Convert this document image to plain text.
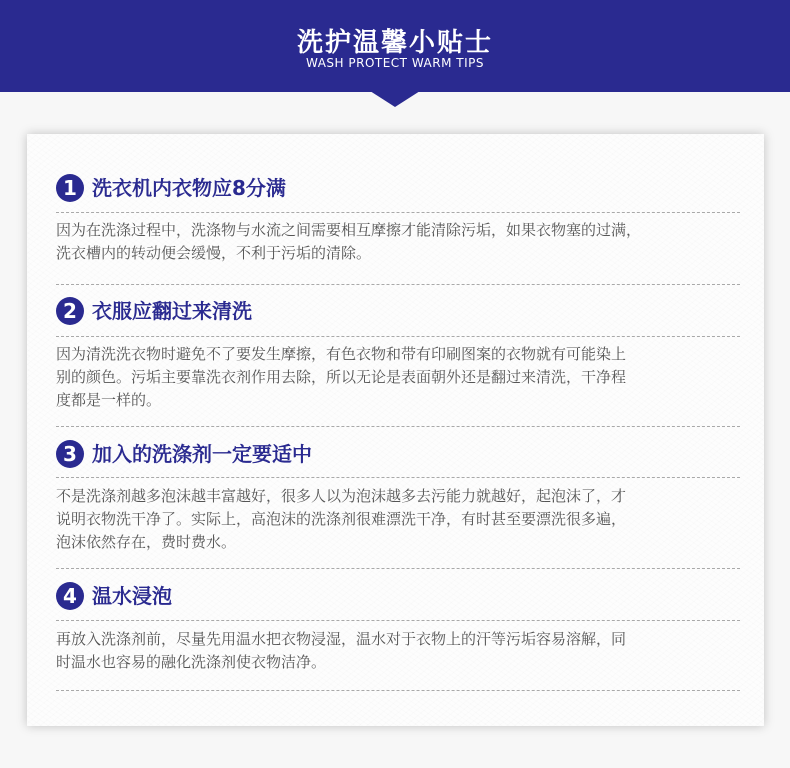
洗护温馨小贴士
WASH PROTECT WARM TIPS
1 洗衣机内衣物应8分满
因为在洗涤过程中，洗涤物与水流之间需要相互摩擦才能清除污垢，如果衣物塞的过满，
洗衣槽内的转动便会缓慢，不利于污垢的清除。
2 衣服应翻过来清洗
因为清洗洗衣物时避免不了要发生摩擦，有色衣物和带有印刷图案的衣物就有可能染上
别的颜色。污垢主要靠洗衣剂作用去除，所以无论是表面朝外还是翻过来清洗，干净程
度都是一样的。
3 加入的洗涤剂一定要适中
不是洗涤剂越多泡沫越丰富越好，很多人以为泡沫越多去污能力就越好，起泡沫了，才
说明衣物洗干净了。实际上，高泡沫的洗涤剂很难漂洗干净，有时甚至要漂洗很多遍，
泡沫依然存在，费时费水。
4 温水浸泡
再放入洗涤剂前，尽量先用温水把衣物浸湿，温水对于衣物上的汗等污垢容易溶解，同
时温水也容易的融化洗涤剂使衣物洁净。
